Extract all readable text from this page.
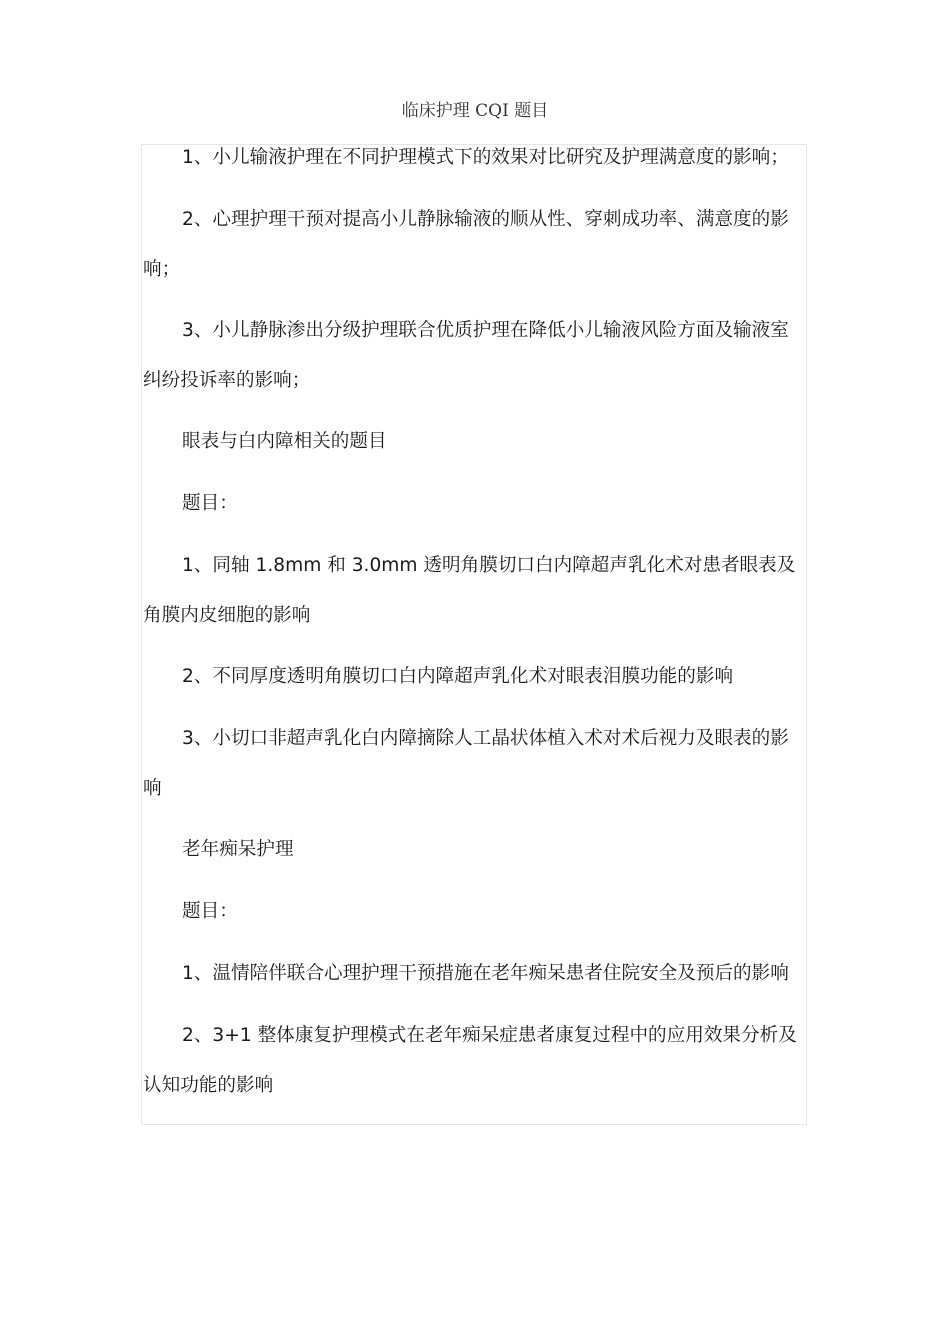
临床护理 CQI 题目
1、小儿输液护理在不同护理模式下的效果对比研究及护理满意度的影响；
2、心理护理干预对提高小儿静脉输液的顺从性、穿刺成功率、满意度的影
响；
3、小儿静脉渗出分级护理联合优质护理在降低小儿输液风险方面及输液室
纠纷投诉率的影响；
眼表与白内障相关的题目
题目：
1、同轴 1.8mm 和 3.0mm 透明角膜切口白内障超声乳化术对患者眼表及
角膜内皮细胞的影响
2、不同厚度透明角膜切口白内障超声乳化术对眼表泪膜功能的影响
3、小切口非超声乳化白内障摘除人工晶状体植入术对术后视力及眼表的影
响
老年痴呆护理
题目：
1、温情陪伴联合心理护理干预措施在老年痴呆患者住院安全及预后的影响
2、3+1 整体康复护理模式在老年痴呆症患者康复过程中的应用效果分析及
认知功能的影响
